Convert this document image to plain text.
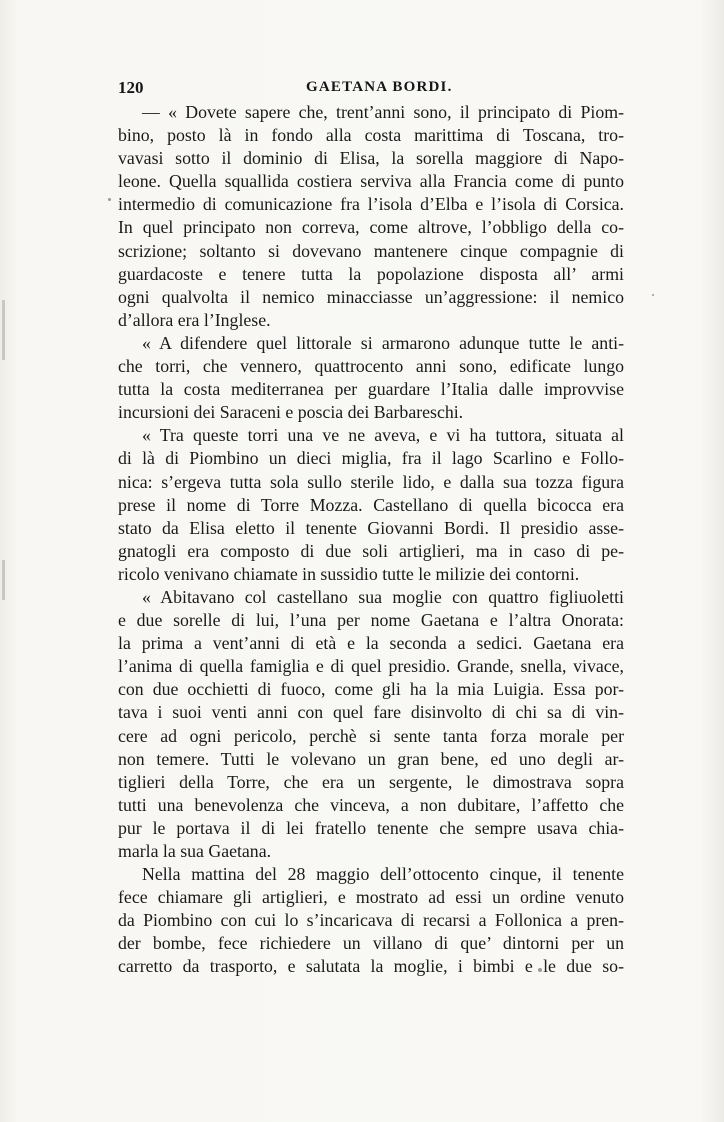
120	GAETANA BORDI.
— « Dovete sapere che, trent’anni sono, il principato di Piom-
bino, posto là in fondo alla costa marittima di Toscana, tro-
vavasi sotto il dominio di Elisa, la sorella maggiore di Napo-
leone. Quella squallida costiera serviva alla Francia come di punto
intermedio di comunicazione fra l’isola d’Elba e l’isola di Corsica.
In quel principato non correva, come altrove, l’obbligo della co-
scrizione; soltanto si dovevano mantenere cinque compagnie di
guardacoste e tenere tutta la popolazione disposta all’ armi
ogni qualvolta il nemico minacciasse un’aggressione: il nemico
d’allora era l’Inglese.
« A difendere quel littorale si armarono adunque tutte le anti-
che torri, che vennero, quattrocento anni sono, edificate lungo
tutta la costa mediterranea per guardare l’Italia dalle improvvise
incursioni dei Saraceni e poscia dei Barbareschi.
« Tra queste torri una ve ne aveva, e vi ha tuttora, situata al
di là di Piombino un dieci miglia, fra il lago Scarlino e Follo-
nica: s’ergeva tutta sola sullo sterile lido, e dalla sua tozza figura
prese il nome di Torre Mozza. Castellano di quella bicocca era
stato da Elisa eletto il tenente Giovanni Bordi. Il presidio asse-
gnatogli era composto di due soli artiglieri, ma in caso di pe-
ricolo venivano chiamate in sussidio tutte le milizie dei contorni.
« Abitavano col castellano sua moglie con quattro figliuoletti
e due sorelle di lui, l’una per nome Gaetana e l’altra Onorata:
la prima a vent’anni di età e la seconda a sedici. Gaetana era
l’anima di quella famiglia e di quel presidio. Grande, snella, vivace,
con due occhietti di fuoco, come gli ha la mia Luigia. Essa por-
tava i suoi venti anni con quel fare disinvolto di chi sa di vin-
cere ad ogni pericolo, perchè si sente tanta forza morale per
non temere. Tutti le volevano un gran bene, ed uno degli ar-
tiglieri della Torre, che era un sergente, le dimostrava sopra
tutti una benevolenza che vinceva, a non dubitare, l’affetto che
pur le portava il di lei fratello tenente che sempre usava chia-
marla la sua Gaetana.
Nella mattina del 28 maggio dell’ottocento cinque, il tenente
fece chiamare gli artiglieri, e mostrato ad essi un ordine venuto
da Piombino con cui lo s’incaricava di recarsi a Follonica a pren-
der bombe, fece richiedere un villano di que’ dintorni per un
carretto da trasporto, e salutata la moglie, i bimbi e le due so-
